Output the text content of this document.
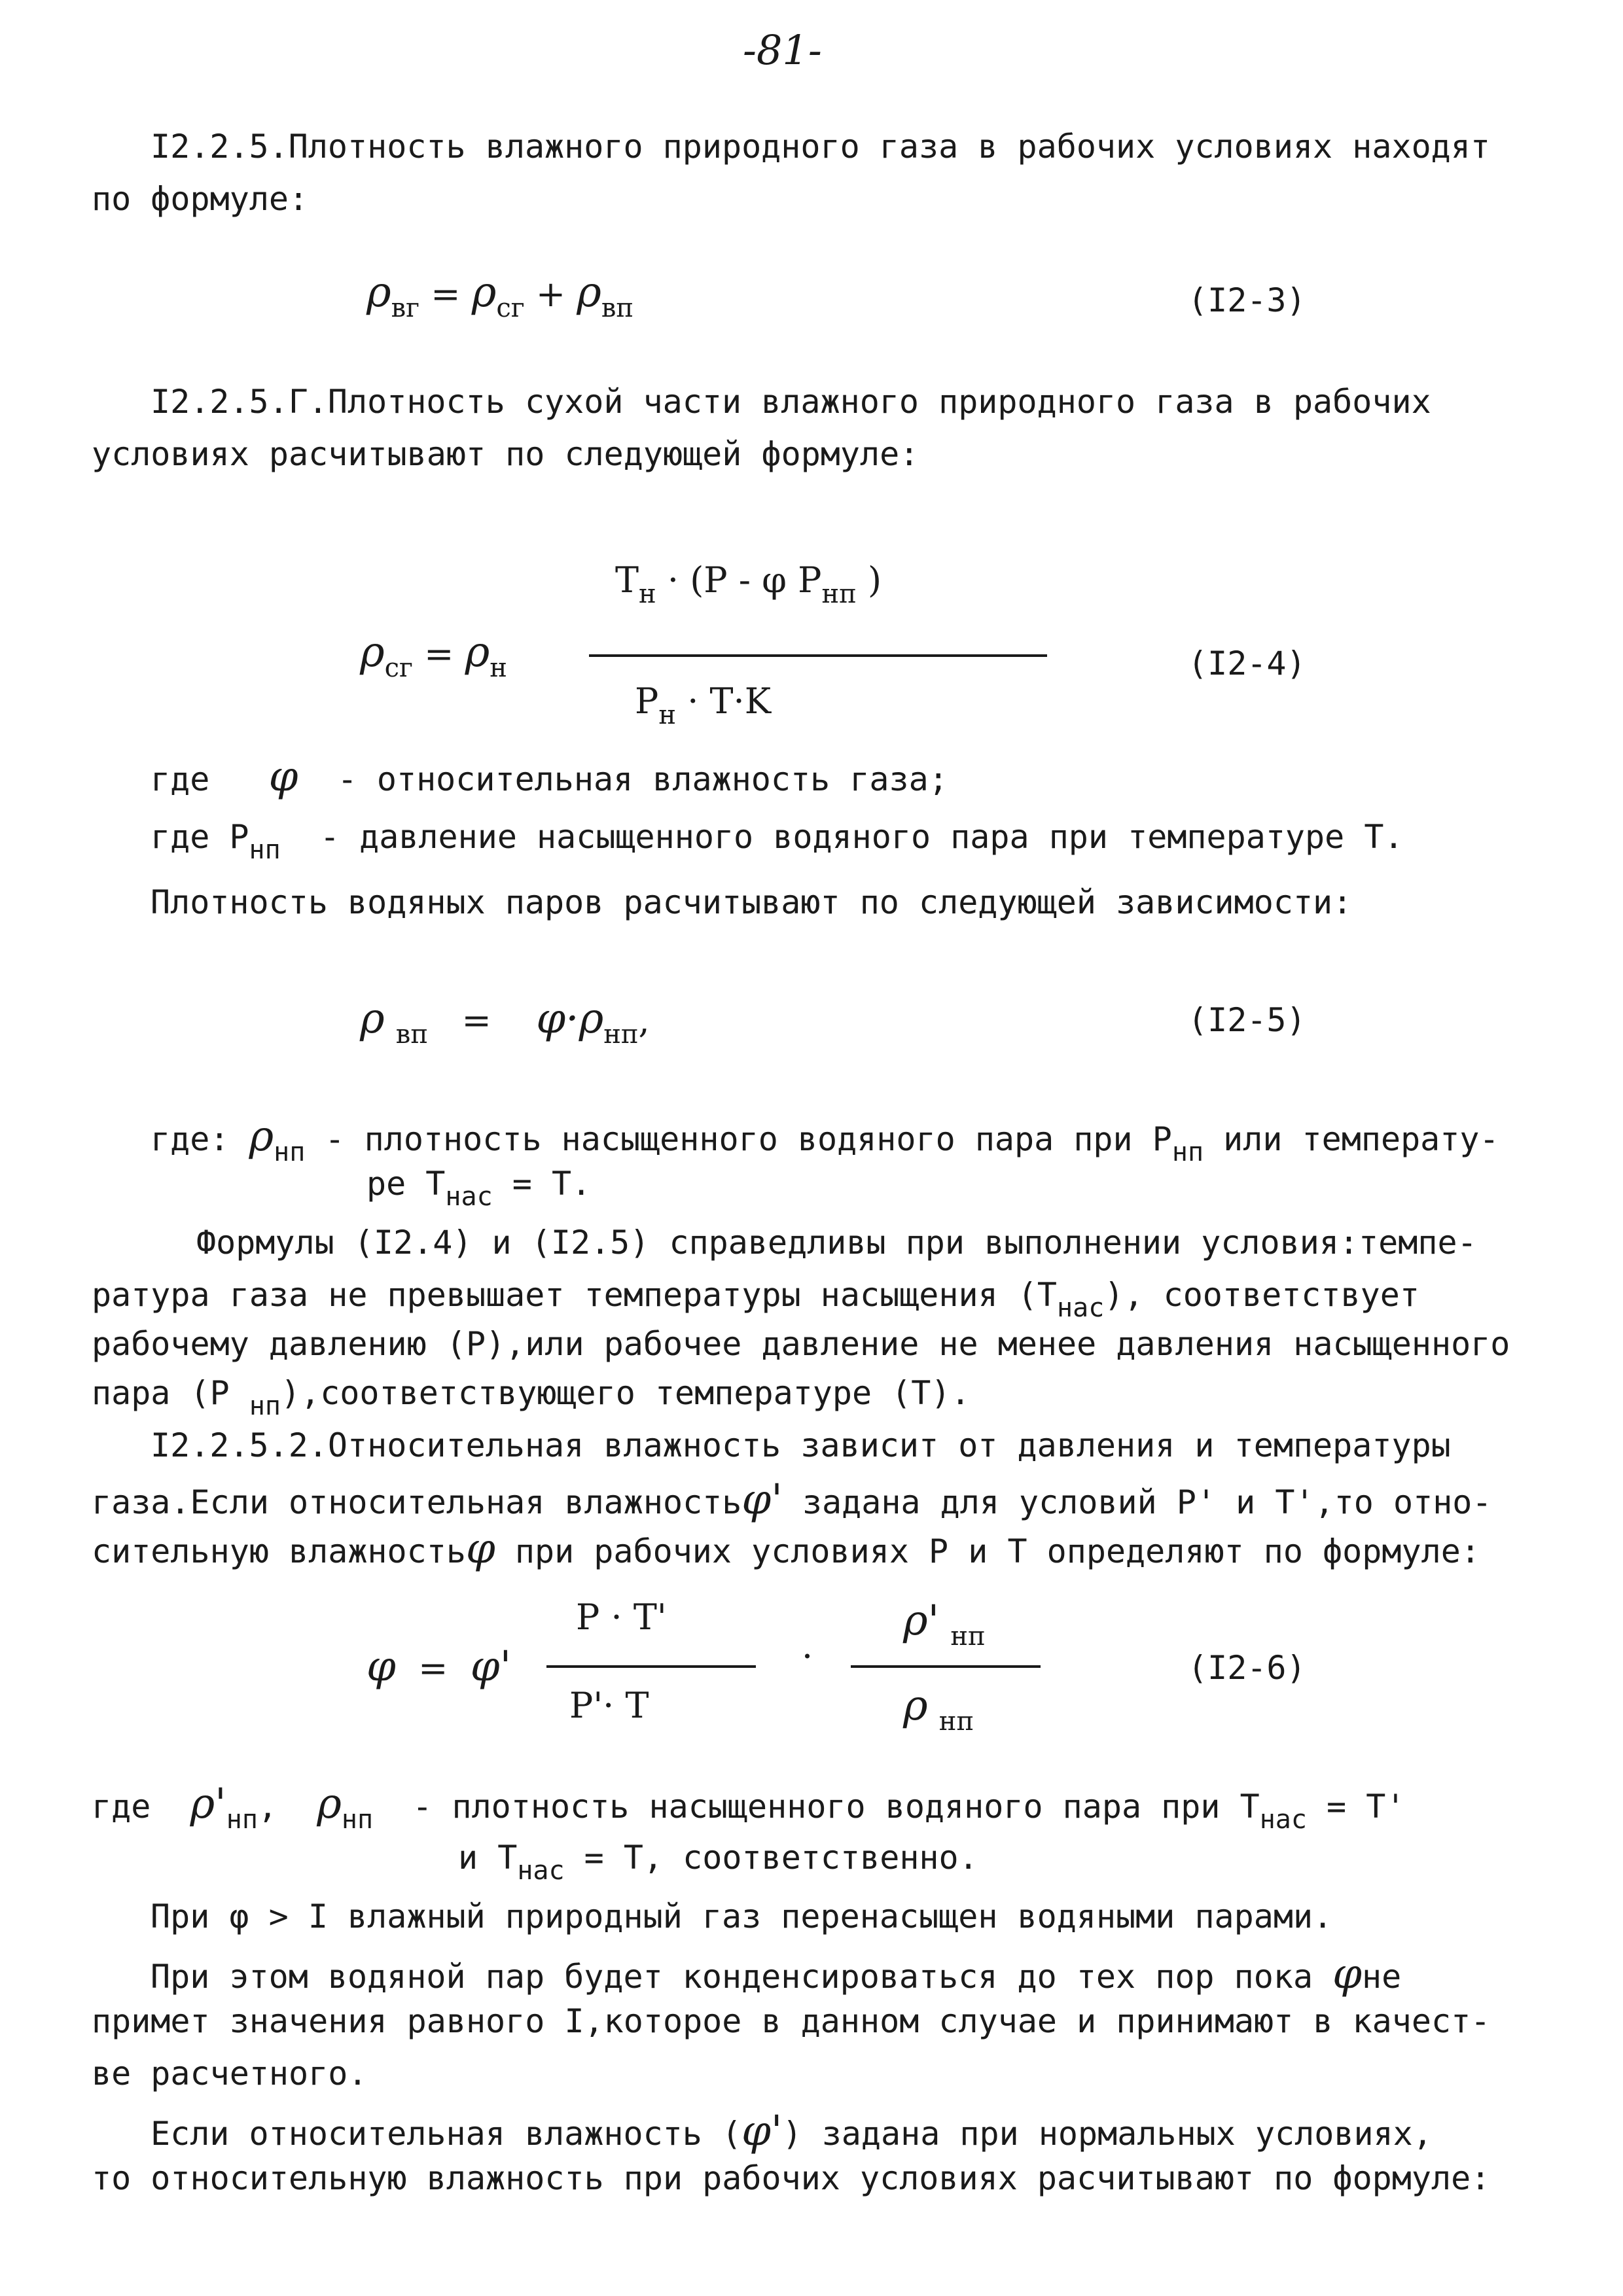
-81-
I2.2.5.Плотность влажного природного газа в рабочих условиях находят
по формуле:
𝜌$_{вг}$ = 𝜌$_{сг}$ + 𝜌$_{вп}$	(I2-3)
I2.2.5.Г.Плотность сухой части влажного природного газа в рабочих
условиях расчитывают по следующей формуле:
𝜌$_{сг}$ = 𝜌$_н$
$T_н \cdot (P - \varphi$ $P_{нп}$ )
$P_н \cdot T\cdot K$
(I2-4)
где φ - относительная влажность газа;
где $P_{нп}$ - давление насыщенного водяного пара при температуре T.
Плотность водяных паров расчитывают по следующей зависимости:
𝜌 $_{вп}$ = φ·𝜌$_{нп}$,	(I2-5)
где: 𝜌$_{нп}$ - плотность насыщенного водяного пара при $P_{нп}$ или температу-
ре $T_{нас} = T$.
Формулы (I2.4) и (I2.5) справедливы при выполнении условия:темпе-
ратура газа не превышает температуры насыщения $(T_{нас})$, соответствует
рабочему давлению (P),или рабочее давление не менее давления насыщенного
пара (P $_{нп}$),соответствующего температуре (T).
I2.2.5.2.Относительная влажность зависит от давления и температуры
газа.Если относительная влажностьφ' задана для условий P' и T',то отно-
сительную влажностьφ при рабочих условиях P и T определяют по формуле:
φ = φ'
P · T'
P'· T
·
𝜌' $_{нп}$
𝜌 $_{нп}$
(I2-6)
где $𝜌'_{нп}$, 𝜌$_{нп}$ - плотность насыщенного водяного пара при $T_{нас} = T'$
и $T_{нас} = T$, соответственно.
При φ > I влажный природный газ перенасыщен водяными парами.
При этом водяной пар будет конденсироваться до тех пор пока φне
примет значения равного I,которое в данном случае и принимают в качест-
ве расчетного.
Если относительная влажность (φ') задана при нормальных условиях,
то относительную влажность при рабочих условиях расчитывают по формуле:
